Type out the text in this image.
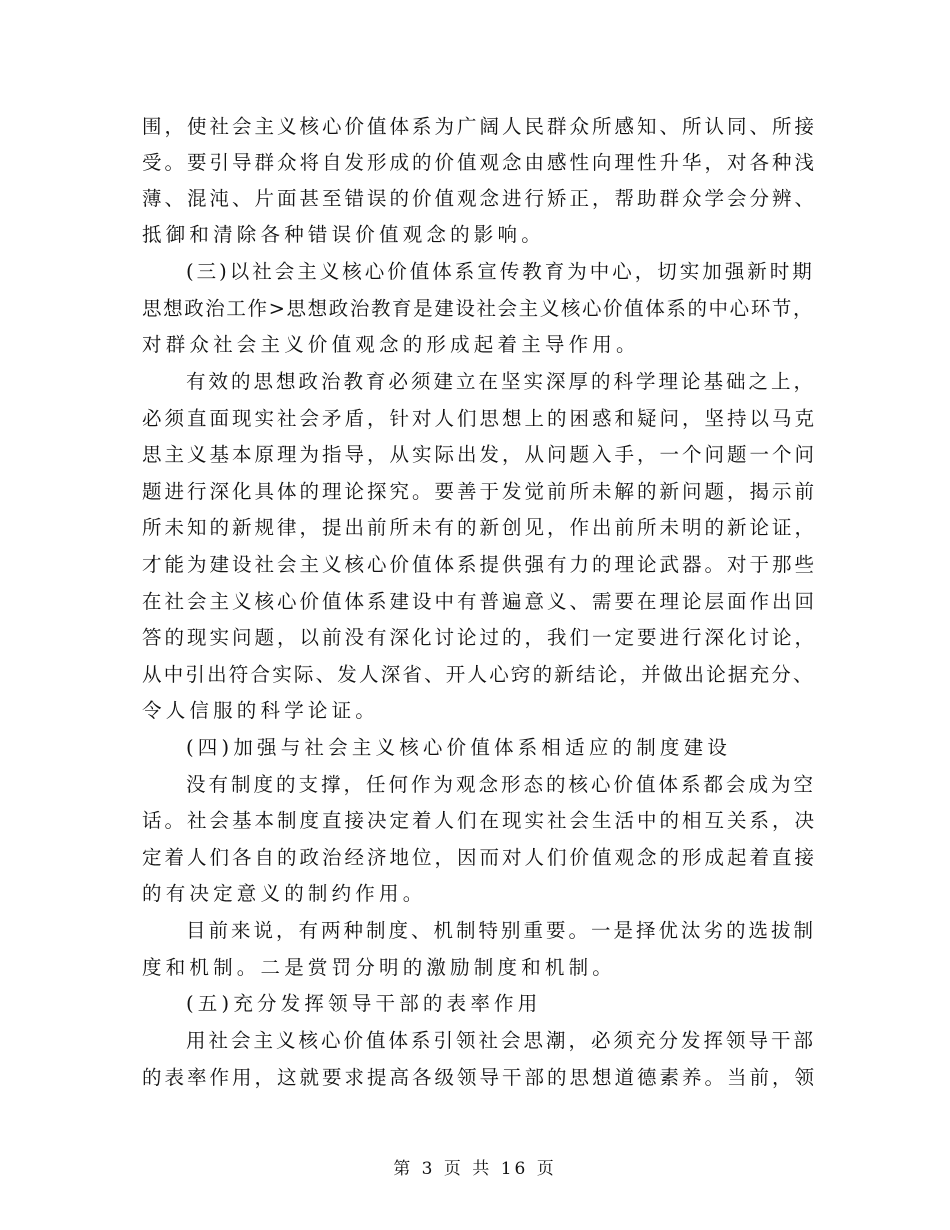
围，使社会主义核心价值体系为广阔人民群众所感知、所认同、所接
受。要引导群众将自发形成的价值观念由感性向理性升华，对各种浅
薄、混沌、片面甚至错误的价值观念进行矫正，帮助群众学会分辨、
抵御和清除各种错误价值观念的影响。
(三)以社会主义核心价值体系宣传教育为中心，切实加强新时期
思想政治工作>思想政治教育是建设社会主义核心价值体系的中心环节，
对群众社会主义价值观念的形成起着主导作用。
有效的思想政治教育必须建立在坚实深厚的科学理论基础之上，
必须直面现实社会矛盾，针对人们思想上的困惑和疑问，坚持以马克
思主义基本原理为指导，从实际出发，从问题入手，一个问题一个问
题进行深化具体的理论探究。要善于发觉前所未解的新问题，揭示前
所未知的新规律，提出前所未有的新创见，作出前所未明的新论证，
才能为建设社会主义核心价值体系提供强有力的理论武器。对于那些
在社会主义核心价值体系建设中有普遍意义、需要在理论层面作出回
答的现实问题，以前没有深化讨论过的，我们一定要进行深化讨论，
从中引出符合实际、发人深省、开人心窍的新结论，并做出论据充分、
令人信服的科学论证。
(四)加强与社会主义核心价值体系相适应的制度建设
没有制度的支撑，任何作为观念形态的核心价值体系都会成为空
话。社会基本制度直接决定着人们在现实社会生活中的相互关系，决
定着人们各自的政治经济地位，因而对人们价值观念的形成起着直接
的有决定意义的制约作用。
目前来说，有两种制度、机制特别重要。一是择优汰劣的选拔制
度和机制。二是赏罚分明的激励制度和机制。
(五)充分发挥领导干部的表率作用
用社会主义核心价值体系引领社会思潮，必须充分发挥领导干部
的表率作用，这就要求提高各级领导干部的思想道德素养。当前，领
第 3 页 共 16 页
